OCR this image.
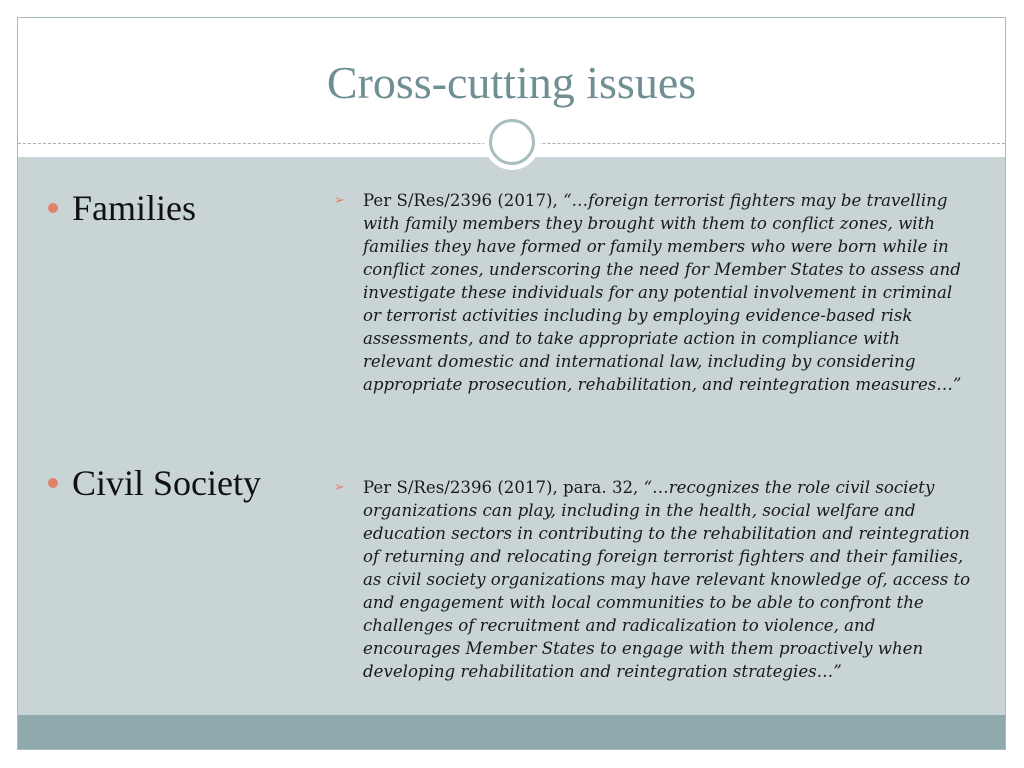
Cross-cutting issues
Families
Civil Society
➢	Per S/Res/2396 (2017), “…foreign terrorist fighters may be travelling with family members they brought with them to conflict zones, with families they have formed or family members who were born while in conflict zones, underscoring the need for Member States to assess and investigate these individuals for any potential involvement in criminal or terrorist activities including by employing evidence-based risk assessments, and to take appropriate action in compliance with relevant domestic and international law, including by considering appropriate prosecution, rehabilitation, and reintegration measures…”
➢	Per S/Res/2396 (2017), para. 32, “…recognizes the role civil society organizations can play, including in the health, social welfare and education sectors in contributing to the rehabilitation and reintegration of returning and relocating foreign terrorist fighters and their families, as civil society organizations may have relevant knowledge of, access to and engagement with local communities to be able to confront the challenges of recruitment and radicalization to violence, and encourages Member States to engage with them proactively when developing rehabilitation and reintegration strategies…”
